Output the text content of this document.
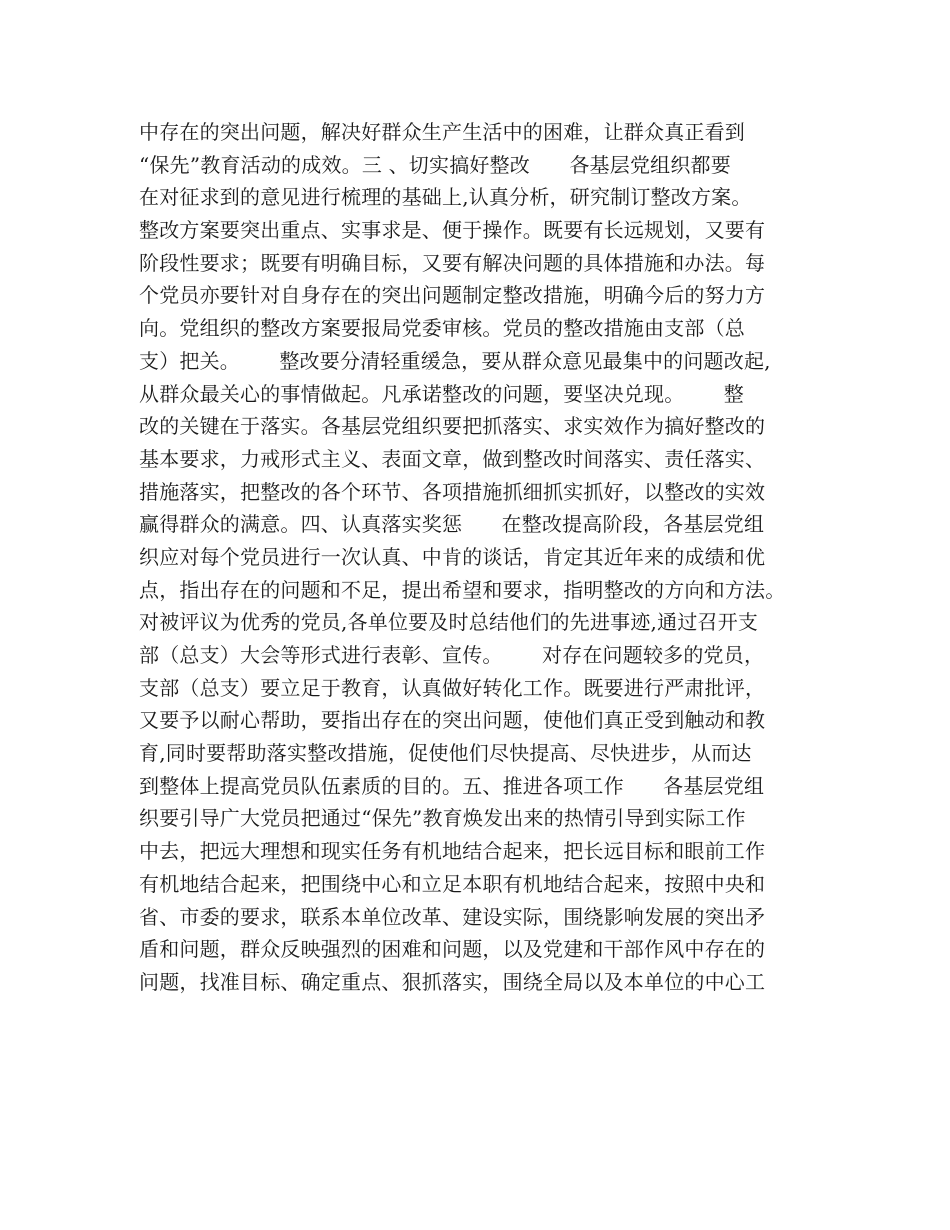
中存在的突出问题，解决好群众生产生活中的困难，让群众真正看到
“保先”教育活动的成效。三 、切实搞好整改      各基层党组织都要
在对征求到的意见进行梳理的基础上,认真分析，研究制订整改方案。
整改方案要突出重点、实事求是、便于操作。既要有长远规划，又要有
阶段性要求；既要有明确目标，又要有解决问题的具体措施和办法。每
个党员亦要针对自身存在的突出问题制定整改措施，明确今后的努力方
向。党组织的整改方案要报局党委审核。党员的整改措施由支部（总
支）把关。      整改要分清轻重缓急，要从群众意见最集中的问题改起,
从群众最关心的事情做起。凡承诺整改的问题，要坚决兑现。      整
改的关键在于落实。各基层党组织要把抓落实、求实效作为搞好整改的
基本要求，力戒形式主义、表面文章，做到整改时间落实、责任落实、
措施落实，把整改的各个环节、各项措施抓细抓实抓好，以整改的实效
赢得群众的满意。四、认真落实奖惩      在整改提高阶段，各基层党组
织应对每个党员进行一次认真、中肯的谈话，肯定其近年来的成绩和优
点，指出存在的问题和不足，提出希望和要求，指明整改的方向和方法。
对被评议为优秀的党员,各单位要及时总结他们的先进事迹,通过召开支
部（总支）大会等形式进行表彰、宣传。      对存在问题较多的党员，
支部（总支）要立足于教育，认真做好转化工作。既要进行严肃批评，
又要予以耐心帮助，要指出存在的突出问题，使他们真正受到触动和教
育,同时要帮助落实整改措施，促使他们尽快提高、尽快进步，从而达
到整体上提高党员队伍素质的目的。五、推进各项工作      各基层党组
织要引导广大党员把通过“保先”教育焕发出来的热情引导到实际工作
中去，把远大理想和现实任务有机地结合起来，把长远目标和眼前工作
有机地结合起来，把围绕中心和立足本职有机地结合起来，按照中央和
省、市委的要求，联系本单位改革、建设实际，围绕影响发展的突出矛
盾和问题，群众反映强烈的困难和问题，以及党建和干部作风中存在的
问题，找准目标、确定重点、狠抓落实，围绕全局以及本单位的中心工
